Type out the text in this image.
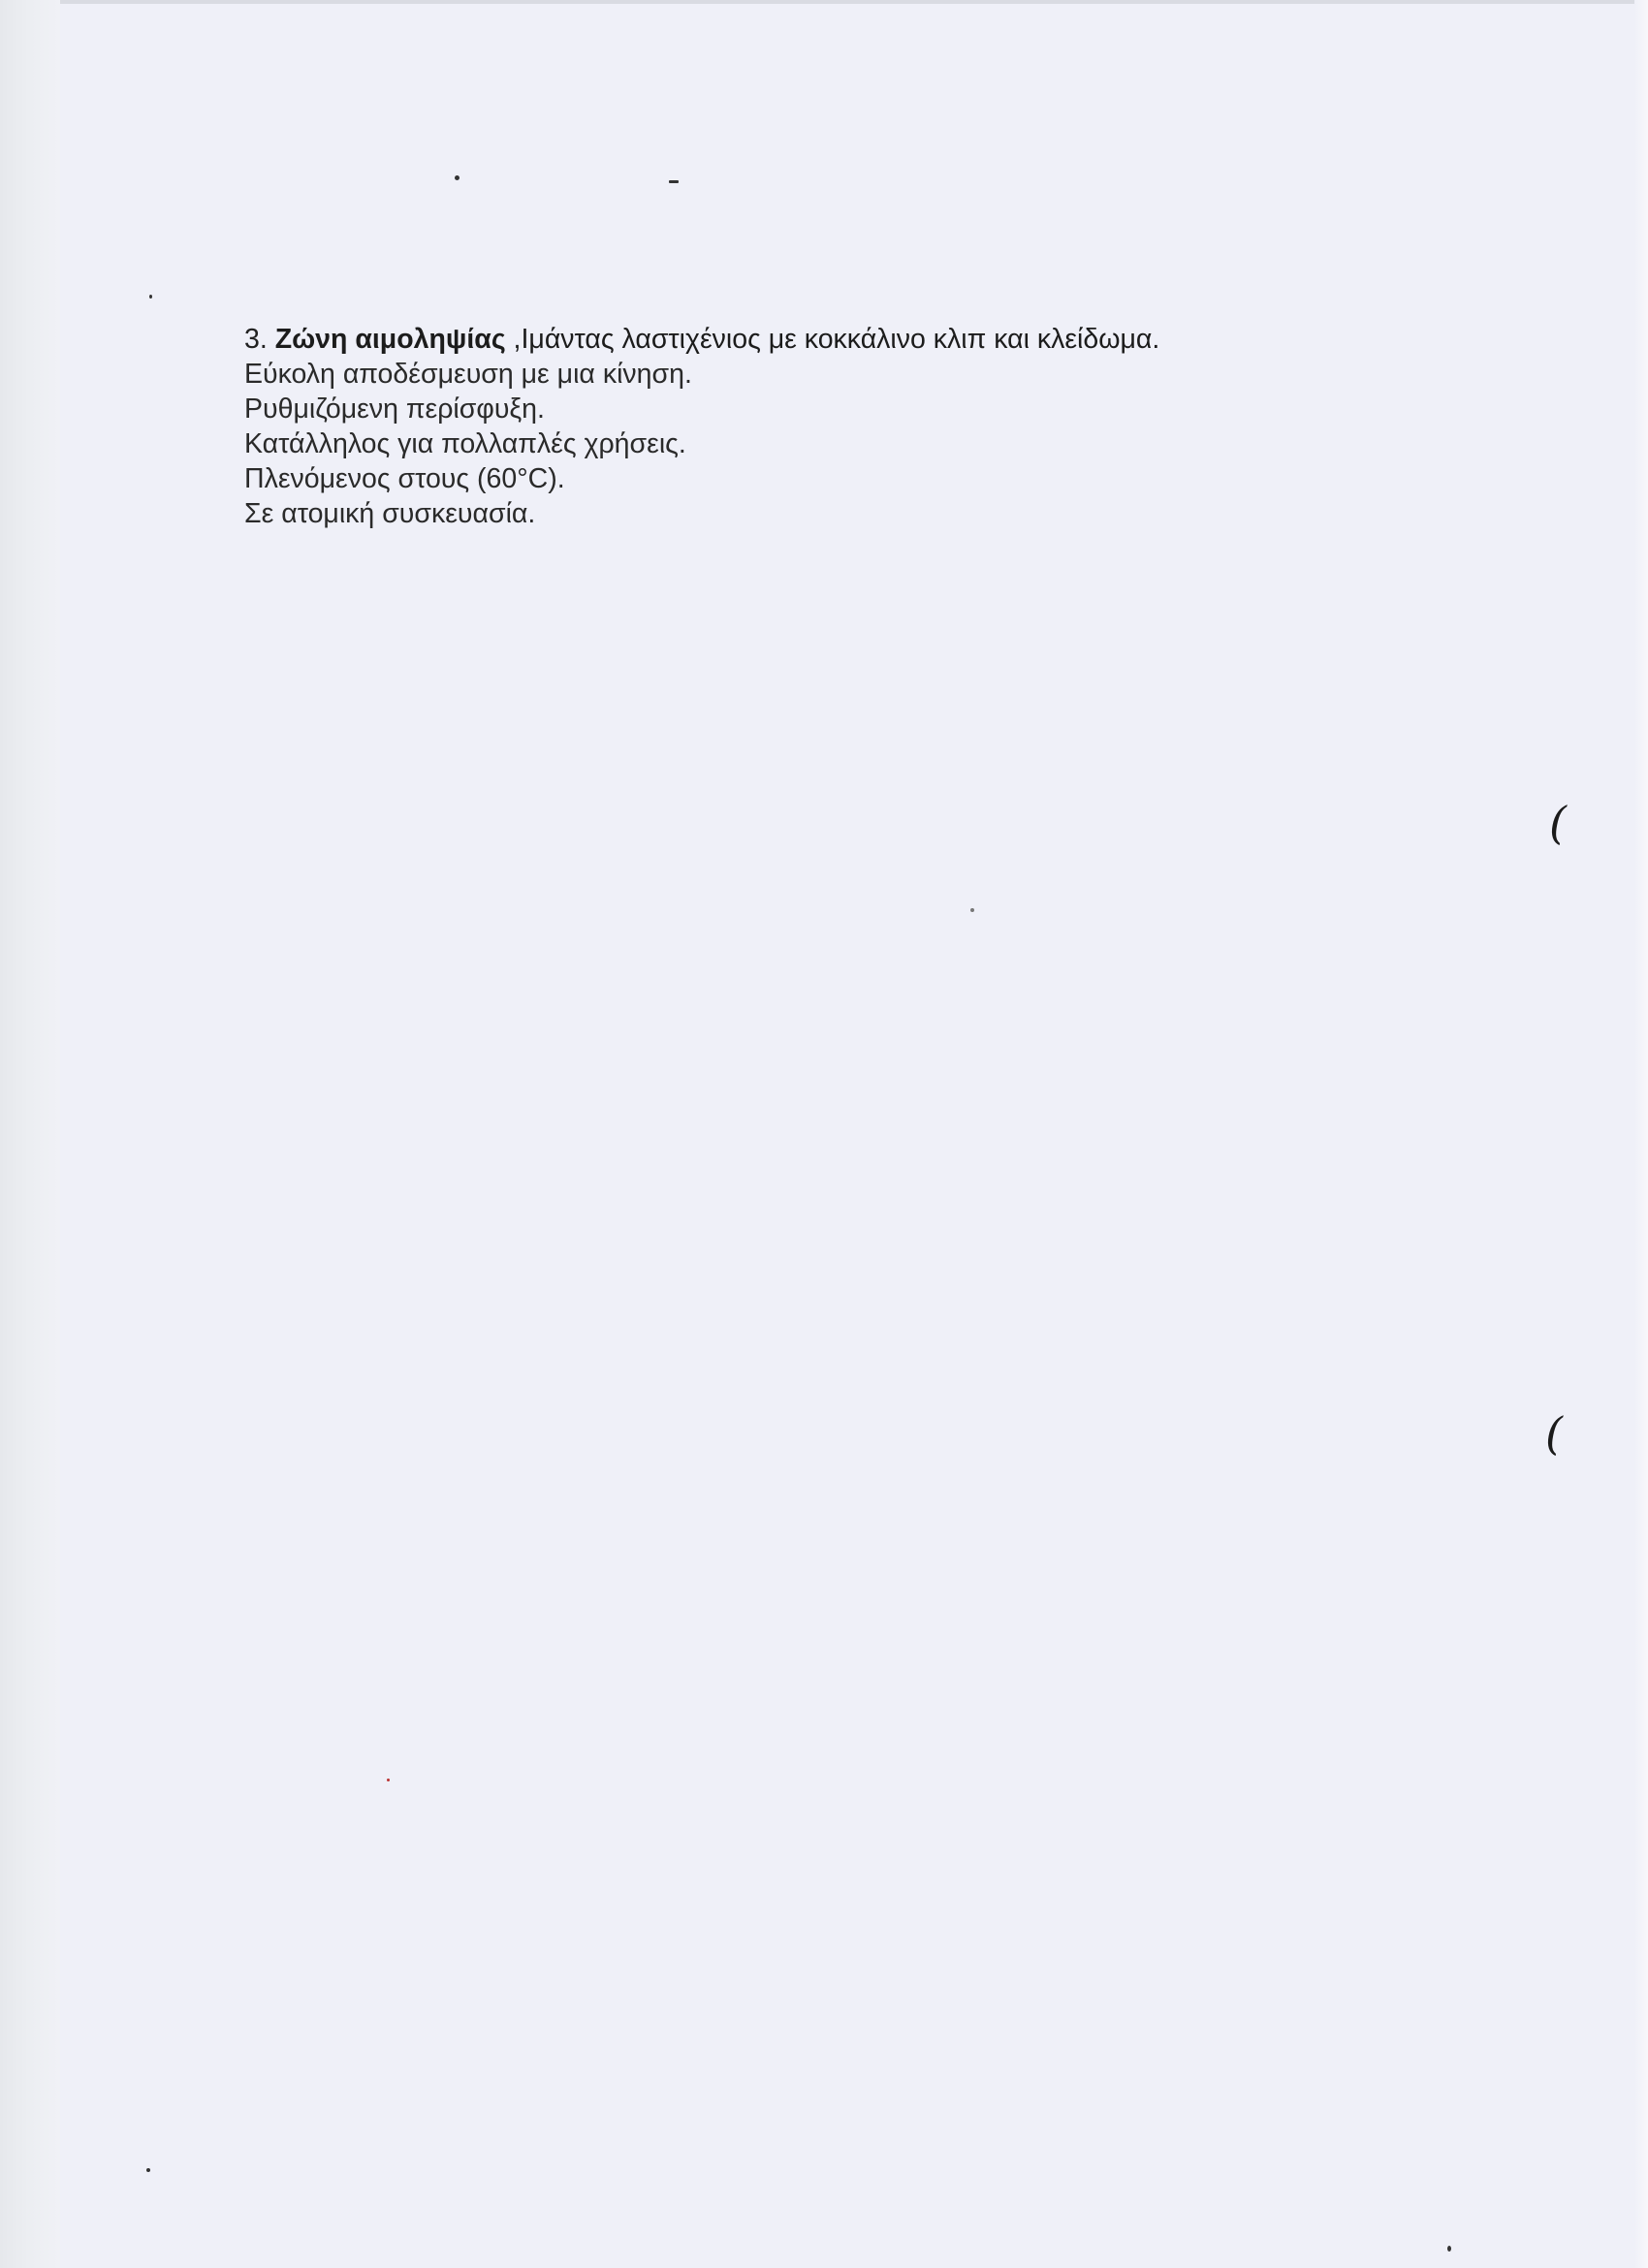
3. Ζώνη αιμοληψίας ,Ιμάντας λαστιχένιος με κοκκάλινο κλιπ και κλείδωμα.
Εύκολη αποδέσμευση με μια κίνηση.
Ρυθμιζόμενη περίσφυξη.
Κατάλληλος για πολλαπλές χρήσεις.
Πλενόμενος στους (60°C).
Σε ατομική συσκευασία.
(
(
